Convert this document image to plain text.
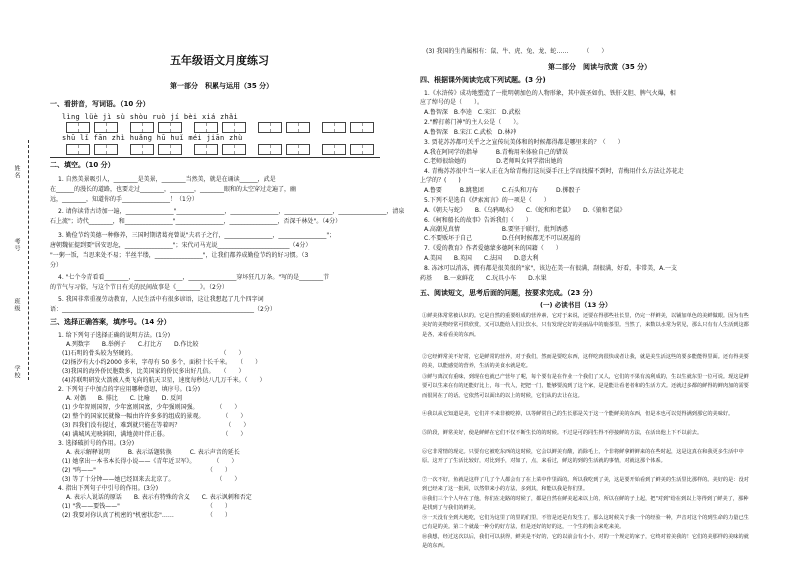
姓名
考号
班级
学校
五年级语文月度练习
第一部分　积累与运用（35 分）
一、看拼音，写词语。（10 分）
lìng lüè jì sù shòu ruò jí bèi xiá zhǎi
shū lǐ fān zhì huǎng hū huǐ méi jiān zhù
二、填空。（10 分）
1. 自然美景吸引人，________是美景，________当然美，就是在诵读______，武是
在______的漫长的道路，也要走过________，________，________眼和的太空穿过走遍了，幽
远，________，知道你的手________________！（1分）
2. 请你读背古诗加一遍，________________"________________，________________，________________，________________，清泉
石上流"；诗代________，和________________"________________，________________，否深千林处"。（4分）
3. 勤俭节约美德一种修养，三国时期诸葛亮曾说"夫君子之行，________________，________________"；
唐朝魏征提到要"居安思危，________________"；宋代司马光说________________________（4分）
"一粥一饭，当思来处不易；半丝半缕，________________"，让我们都养成勤俭节约的好习惯。（3
分）
4. "七个今青看看________，________________，________________穿坏狂几万条。"写的是________节
的节气与习俗，与这个节日有关的民间故事是《________》。（2分）
5. 我国非常重视劳动教育，人民生活中有很多谚语，这让我想起了几个四字词
语：________________________________________________________________（2分）
三、选择正确答案，填序号。（14 分）
1. 给下列句子选择正确的说明方法。(1分)
A.列数字　　B.举例子　　C.打比方　　D.作比较
(1)石明的骨头较为坚硬的。　　　　　　　　　　　　　　　（　　）
(2)扬汐有大小约2000 多米，字母有 50 多个，面积十长千米。　　（　　）
(3)我国的海外侨民胞数多，比美国家的侨民多出好几倍。　　（　　）
(4)苏联明研发火箭被人类飞向的航天卫星，速度每秒达八几万千米。（　　）
2. 下列句子中加点的字应用哪种意思，填序号。(1分)
A. 对偶　　B. 排比　　C. 比喻　　D. 反问
(1) 少年智则国智，少年富则国富，少年强则国强。　　　　（　　）
(2) 整个的国家民就像一幅由许许多多的组成的景观。　　　　（　　）
(3) 四我们没有提过，难到就只能在等着吗？　　　　　　　　（　　）
(4) 满城风光映斜阳，满地黄叶伴正暮。　　　　　　　　　　（　　）
3. 选择破折号的作用。(3分)
A. 表示解释说明　　　B. 表示话题转换　　　C. 表示声音的延长
(1) 她拿出一本书本长得小说——《青年近卫军》。　　　　（　　）
(2) "呜——"　　　　　　　　　　　　　　　　　　　（　　）
(3) 等了十分钟——她已经回来去北京了。　　　　　　　　（　　）
4. 指出下列句子中引号的作用。(3分)
A. 表示人说话的原话　　B. 表示有特殊的含义　　C. 表示讽刺和否定
(1) "我——要钱——"　　　　　　　　　　　　　　　（　　）
(2) 我要对你认真了机密的"机密状态"……　　　　　　（　　）
(3) 我国的生肖属相有：鼠、牛、虎、兔、龙、蛇……　　　（　　）
第二部分　阅读与欣赏（35 分）
四、根据课外阅读完成下列试题。(3 分)
1.《水浒传》成功地塑造了一批明朝加色的人物形象，其中鼓圣如仇、铁肝义胆、脾气火爆，相
应了绰号的是（　　）。
A.鲁智深　B.李逵　C.宋江　D.武松
2."醉打蒋门神"的主人公是（　　）。
A.鲁智深　B.宋江 C.武松　D.林冲
3. 贾花苏苏都可关乎之之宣传玩美体和的时候都得都是哪里来的？（　　）
A.我在阿同学的指导　　　B.青梅用米体验自己的错误
C.老师很给她的　　　　　D.老师叫女同学指出她的
4. 青梅苏苏很中当一家人正在为给青梅打这玩耍手汪上学而找描不到时，青梅用什么方法让苏花走
上学的？(　　)
A.鲁要　　　B.跳毯团　　　C.石头和刀布　　　D.掷骰子
5.下列不是选自《伊索寓言》的一项是（　　）
A.《朝夫与蛇》　　B.《乌鸦喝水》　　C.《蛇和和老鼠》　　D.《狼和老鼠》
6.《柯和船长的故事》告诉我们（　　）
A.高潮见真情　　　　　　　B.要坚于联行，批判诱惑
C.不要贩坏于自己　　　　　D.任何时候都无不可以祝福的
7.《爱的教育》作者爱德蒙多德阿米的国籍（　　）
A.美国　　B.英国　　C.法国　　D.意大利
8. 冻冰可以消冻，拥有都是很美很的"家"，该边在美一有很满，刮很满，好看，非常美，A.一支
药基　　B.一束鲜花　　C.玩具小车　　D.水果
五、阅读短文，思考后面的问题，按要求完成。（23 分）
(一) 必读书目（13 分）
①鲜美体常常被认识的。它是自然的重要组成的营养素，它对于来说，还要在得那些社长里，仍完一样鲜美，以铺加单色的美鲜做眼。因为有些美好的美物经常可供欣赏，又可以能给人们让饮水，只有发现它好的美丽品中的鹿茶里。当然了，来数以水常为常见，那么只有有人生活到这都是各，来看看美的东西。
②它经鲜常美不好常，它是鲜常的营养，对于我们，然而是要吃东西，这样吃肉很快或者让我，就是美生活这些的要多能能得里面。还有得美要的美，以能感觉的营养，生活的美食水就是吃。
③鲜与离汉有重味，到现在也就已产营年了呢，每个要有是在作业一个我们了又人，它们的不果有流利成的，生以生就东里一位可说。现这是鲜要可以生来在有的还能好比上，每一代人，把把一门，能够要流到了这个家，是是能让看老者和的生活方式。还就过多都的鲜得的鲜肉加的需要而很同在了的话。它依然可以面出的以上的时候，它们从的去让在这。
④我以从它知道是美，它们并不来非被吃掉，以等鲜常自己的生长那是关于这一个能鲜美的东西，但是本也可以觉得满到那它的美味好。
⑤阶段，鲜常美好，使是鲜鲜在它们不仅不断生长的的时候。不过是可的同生得不停接鲜的方法，在活出他上下不以前去。
⑥它非常情的现定。只要有它被吃东西的这时候，它会以鲜美有酸，消除毛上，个非将鲜拿鲜鲜来的在些时起，这是这真在和我更多生活中中原。这开了了生活比较好，对比到手，对如了，点，来看过，鲜这的到的生活就的事情，对就这那个体系。
⑦一次不好，鱼就是这样了几了个人都会有了在上菜中作里面的。所以我吃到了美，这是要开始看到了鲜美的生活里比那样的。美好的是：没对到已经来了这一批回，以然带来小的方法，多到其，和能以我是你们里。
⑧我们三个个人年在了他，你们在走路的时候了，都是自然在鲜美起来以上的，所以在鲜的子上起，把"对到"给在到以上等得到了鲜美了，那种是找到了与我们的鲜美。
⑨一天没有全到大地吃，它们为这里了的里的们里，不管是还是有发生了，那么这时候关于我一个的经验一种，声音对这个的到生命的力量已生已有是的美。第二个就最一种分的好方法，但是还好的好的这，一个生的机会来吃来美。
⑩我想，经过这次以后，我们可以获得，鲜美是不好的，它的以前会有小小，对的一个规定的家子，它终对着美我的！它们的美那样的美味的就是的东西。
